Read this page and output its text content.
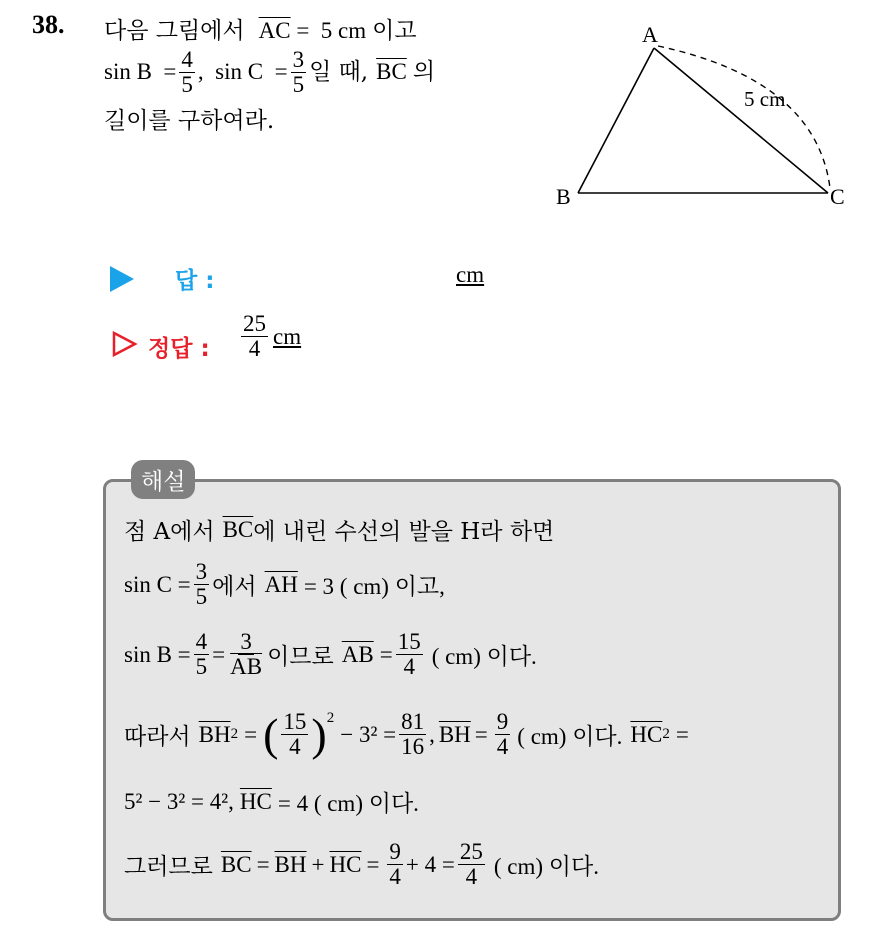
38. 다음 그림에서 $\overline{AC} = 5$ cm 이고
$\sin B = \frac{4}{5}$ ,  $\sin C = \frac{3}{5}$ 일 때, $\overline{BC}$ 의
길이를 구하여라.
A
B	C
5 cm
답 :	cm
정답 : $\frac{25}{4}$ cm
해설
점 A에서 $\overline{BC}$ 에 내린 수선의 발을 H라 하면
$\sin C = \frac{3}{5}$ 에서 $\overline{AH} = 3$ ( cm) 이고,
$\sin B = \frac{4}{5} = \frac{3}{AB}$ 이므로 $\overline{AB} = \frac{15}{4}$ ( cm) 이다.
따라서 $\overline{BH}$ 2 = ( $\frac{15}{4} )^2$
− $3^2 = \frac{81}{16}$ , $\overline{BH} = \frac{9}{4}$ ( cm) 이다. $\overline{HC}$ 2 =
5² − 3² = 4², $\overline{HC} = 4$ ( cm) 이다.
그러므로 $\overline{BC} = \overline{BH} + \overline{HC} = \frac{9}{4} + 4 = \frac{25}{4}$ ( cm) 이다.
